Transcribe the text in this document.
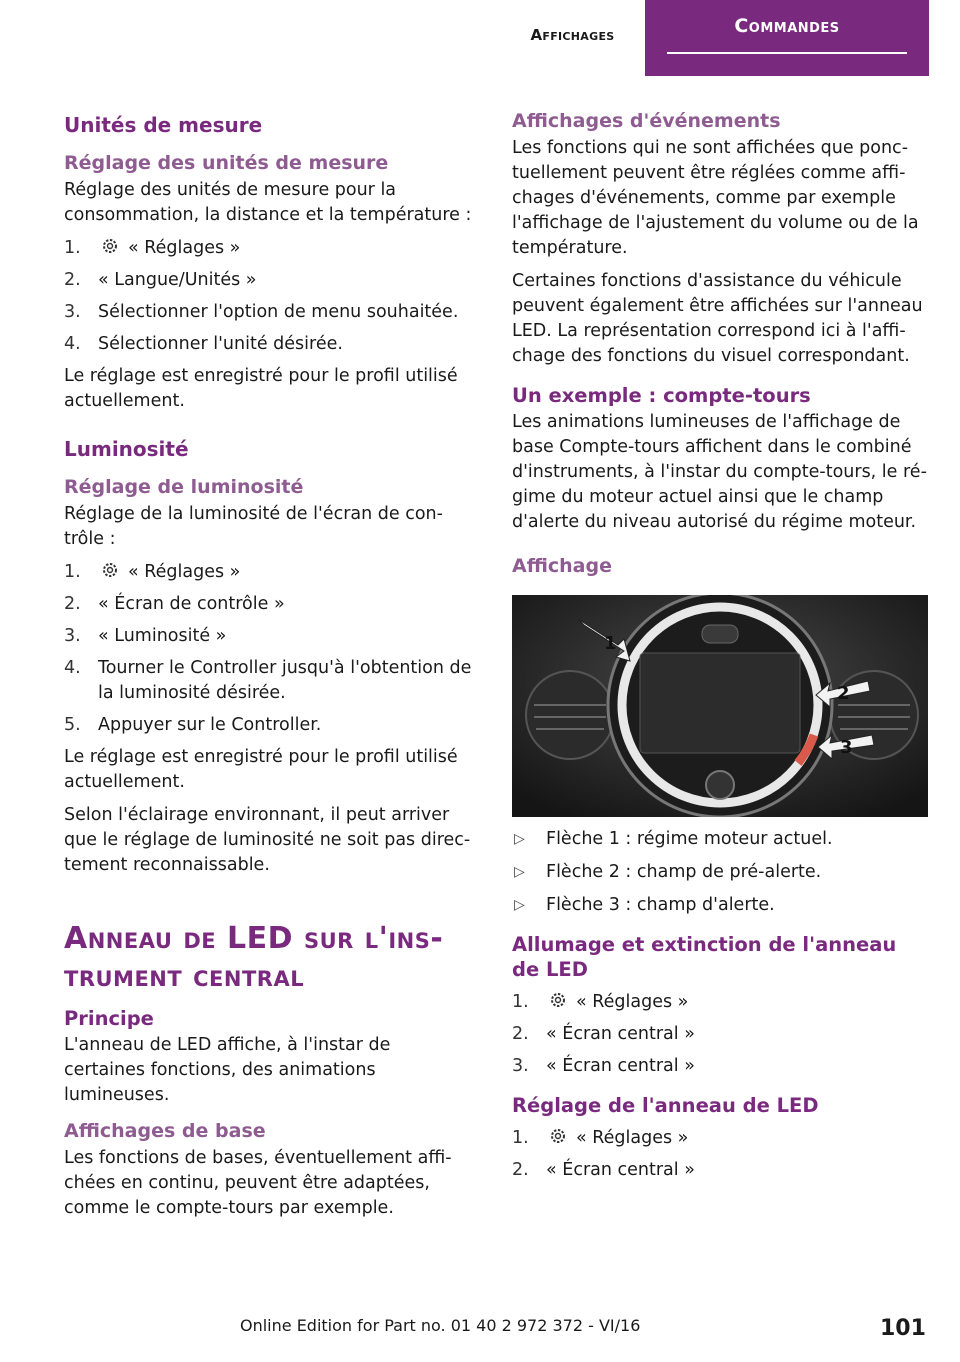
Affichages	Commandes
Unités de mesure
Réglage des unités de mesure

Réglage des unités de mesure pour la consommation, la distance et la température :

1.	« Réglages »
2. « Langue/Unités »
3. Sélectionner l'option de menu souhaitée.
4. Sélectionner l'unité désirée.

Le réglage est enregistré pour le profil utilisé actuellement.

Luminosité
Réglage de luminosité

Réglage de la luminosité de l'écran de contrôle :

1.	« Réglages »
2. « Écran de contrôle »
3. « Luminosité »
4. Tourner le Controller jusqu'à l'obtention de la luminosité désirée.
5. Appuyer sur le Controller.

Le réglage est enregistré pour le profil utilisé actuellement.

Selon l'éclairage environnant, il peut arriver que le réglage de luminosité ne soit pas directement reconnaissable.

Anneau de LED sur l'instrument central
Principe

L'anneau de LED affiche, à l'instar de certaines fonctions, des animations lumineuses.

Affichages de base

Les fonctions de bases, éventuellement affichées en continu, peuvent être adaptées, comme le compte-tours par exemple.

Affichages d'événements

Les fonctions qui ne sont affichées que ponctuellement peuvent être réglées comme affichages d'événements, comme par exemple l'affichage de l'ajustement du volume ou de la température.

Certaines fonctions d'assistance du véhicule peuvent également être affichées sur l'anneau LED. La représentation correspond ici à l'affichage des fonctions du visuel correspondant.

Un exemple : compte-tours

Les animations lumineuses de l'affichage de base Compte-tours affichent dans le combiné d'instruments, à l'instar du compte-tours, le régime du moteur actuel ainsi que le champ d'alerte du niveau autorisé du régime moteur.

Affichage
1
2
3
▷ Flèche 1 : régime moteur actuel.
▷ Flèche 2 : champ de pré-alerte.
▷ Flèche 3 : champ d'alerte.
Allumage et extinction de l'anneau de LED
1.	« Réglages »
2. « Écran central »
3. « Écran central »
Réglage de l'anneau de LED
1.	« Réglages »
2. « Écran central »
Online Edition for Part no. 01 40 2 972 372 - VI/16	101
